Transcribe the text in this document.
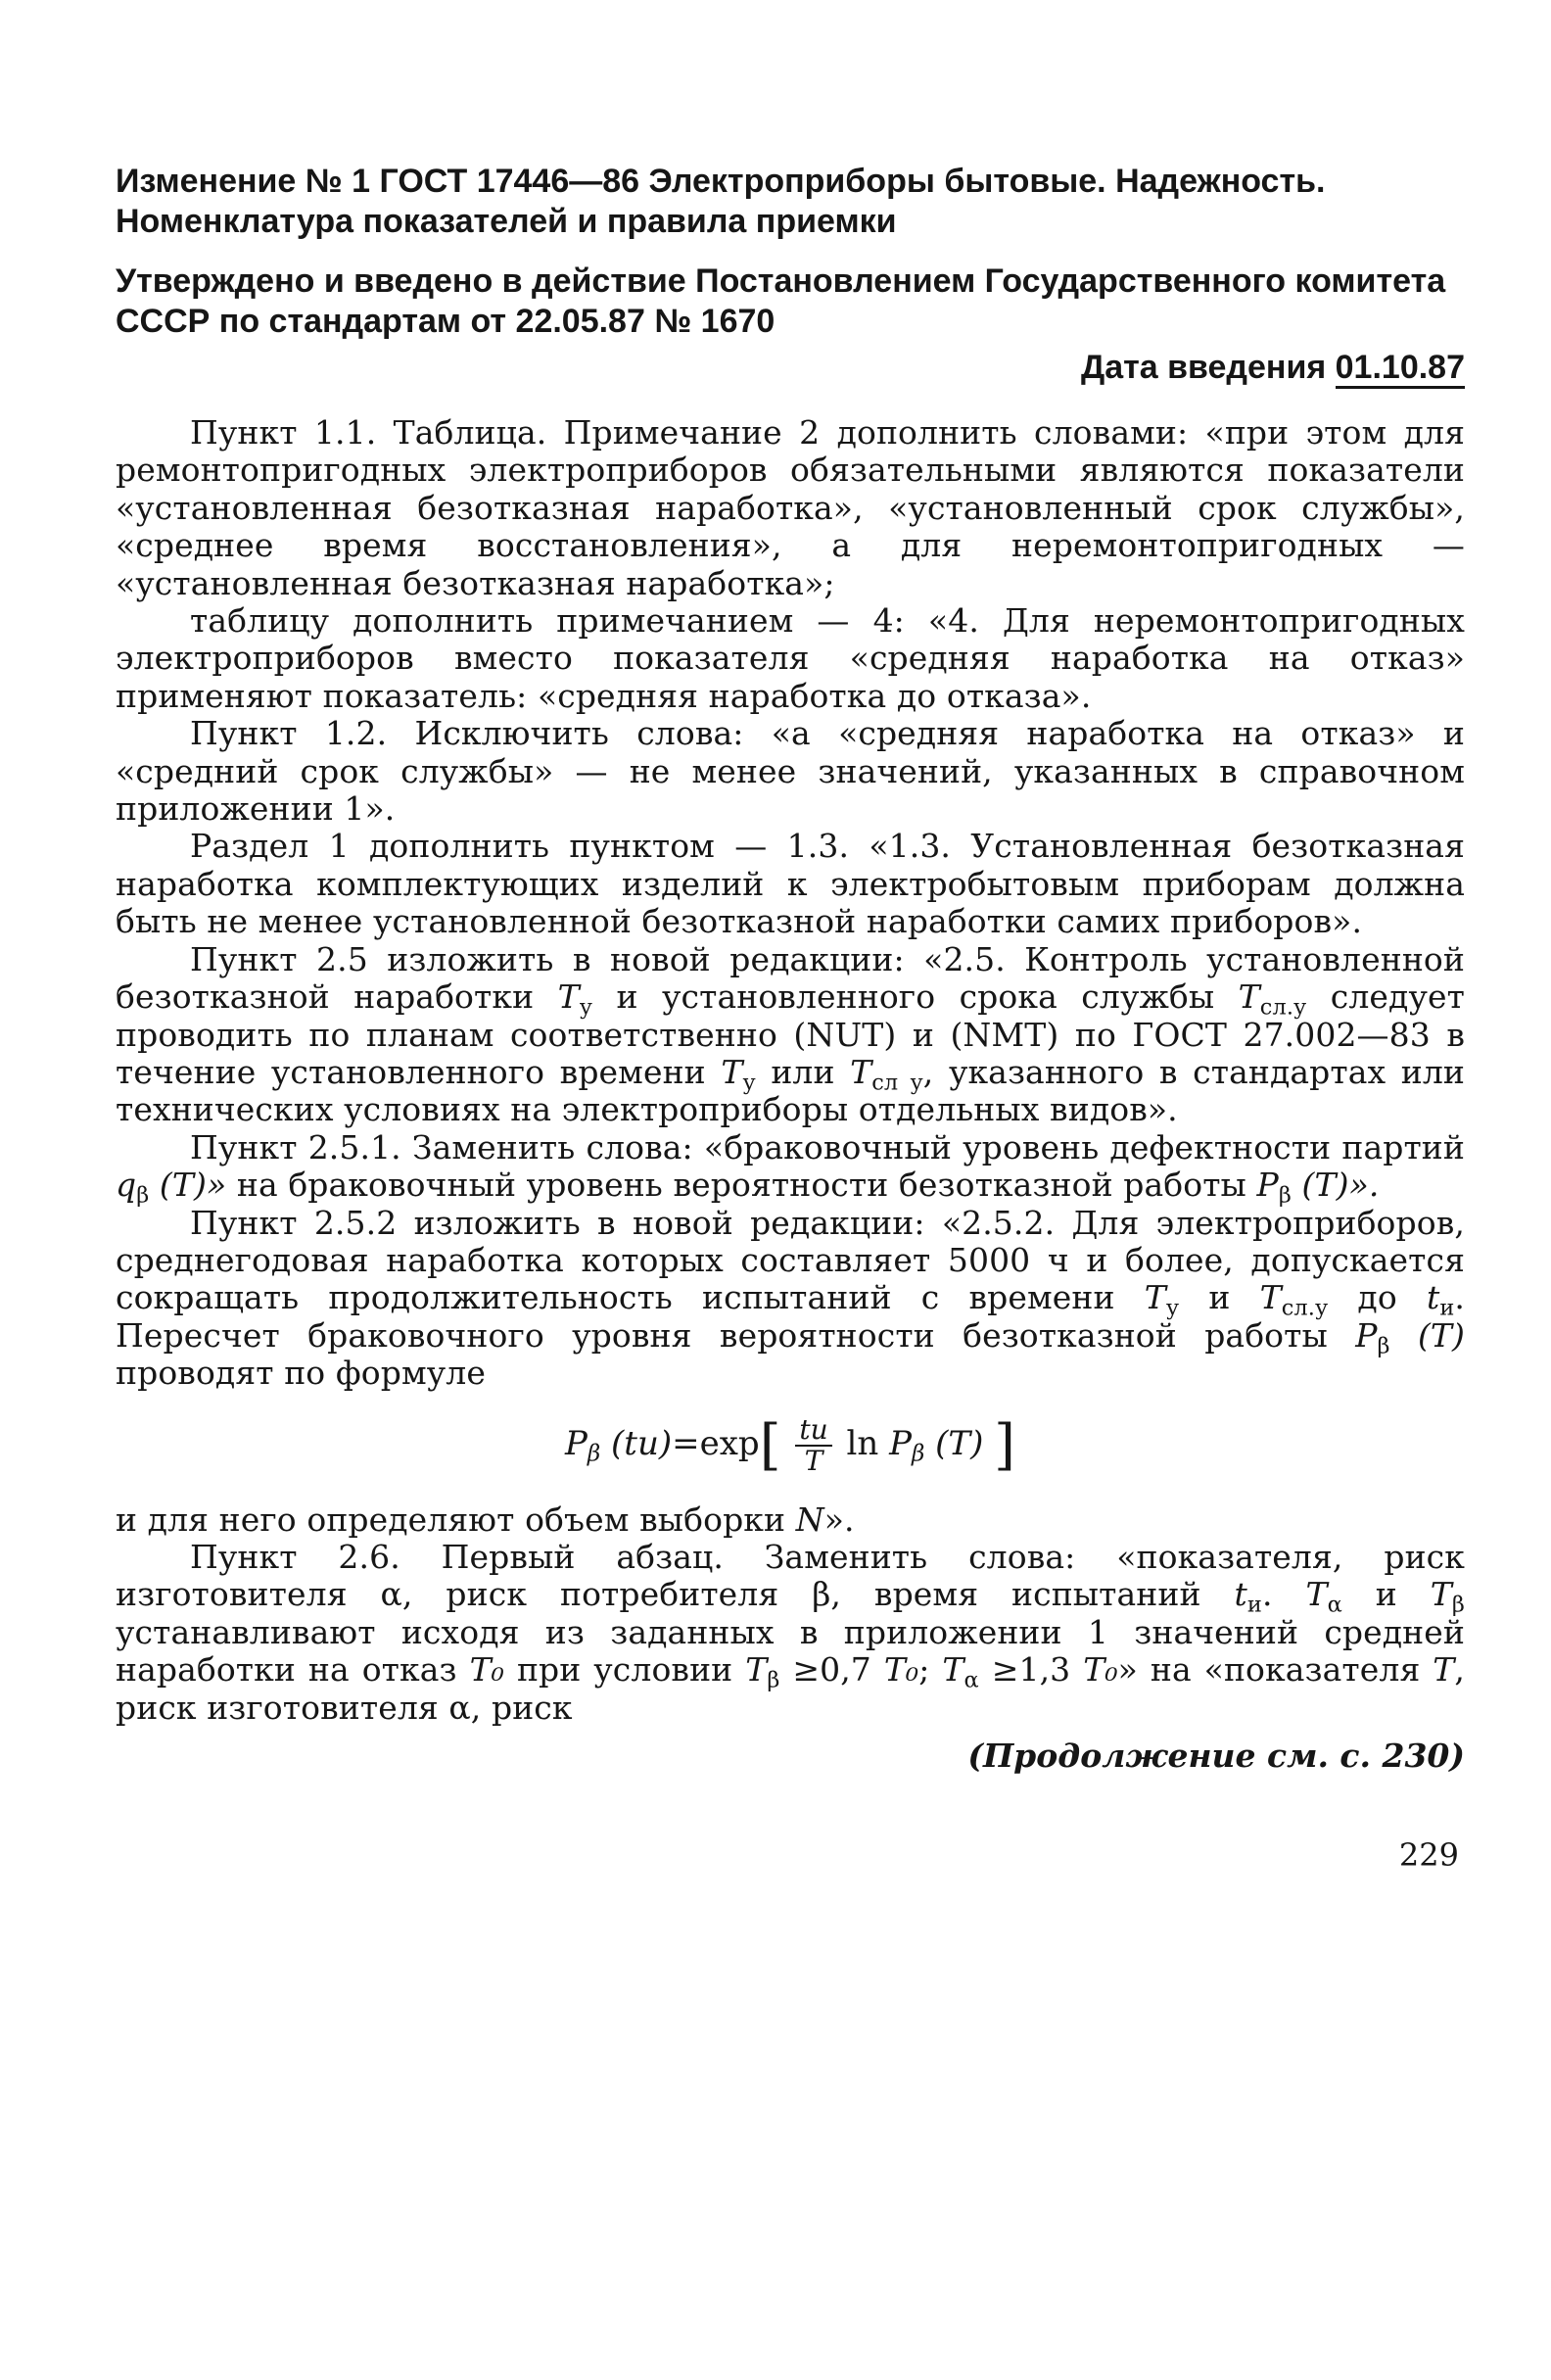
Изменение № 1 ГОСТ 17446—86 Электроприборы бытовые. Надежность. Номенклатура показателей и правила приемки

Утверждено и введено в действие Постановлением Государственного комитета СССР по стандартам от 22.05.87 № 1670

Дата введения 01.10.87

Пункт 1.1. Таблица. Примечание 2 дополнить словами: «при этом для ремонтопригодных электроприборов обязательными являются показатели «установленная безотказная наработка», «установленный срок службы», «среднее время восстановления», а для неремонтопригодных — «установленная безотказная наработка»;

таблицу дополнить примечанием — 4: «4. Для неремонтопригодных электроприборов вместо показателя «средняя наработка на отказ» применяют показатель: «средняя наработка до отказа».

Пункт 1.2. Исключить слова: «а «средняя наработка на отказ» и «средний срок службы» — не менее значений, указанных в справочном приложении 1».

Раздел 1 дополнить пунктом — 1.3. «1.3. Установленная безотказная наработка комплектующих изделий к электробытовым приборам должна быть не менее установленной безотказной наработки самих приборов».

Пункт 2.5 изложить в новой редакции: «2.5. Контроль установленной безотказной наработки $T_у$ и установленного срока службы $T_{сл.у}$ следует проводить по планам соответственно (NUT) и (NMT) по ГОСТ 27.002—83 в течение установленного времени $T_у$ или $T_{сл у}$, указанного в стандартах или технических условиях на электроприборы отдельных видов».

Пункт 2.5.1. Заменить слова: «браковочный уровень дефектности партий $q_\beta$ (T)» на браковочный уровень вероятности безотказной работы $P_\beta$ (T)».

Пункт 2.5.2 изложить в новой редакции: «2.5.2. Для электроприборов, среднегодовая наработка которых составляет 5000 ч и более, допускается сокращать продолжительность испытаний с времени $T_у$ и $T_{сл.у}$ до $t_и$. Пересчет браковочного уровня вероятности безотказной работы $P_\beta$ (T) проводят по формуле

$P_\beta$ $(tи)=\exp[ \frac{tи}{T}$ $\ln P_\beta$ (T) ]

и для него определяют объем выборки N».

Пункт 2.6. Первый абзац. Заменить слова: «показателя, риск изготовителя α, риск потребителя β, время испытаний $t_и$. $T_\alpha$ и $T_\beta$ устанавливают исходя из заданных в приложении 1 значений средней наработки на отказ T₀ при условии $T_\beta \ge 0,7$ T₀; $T_\alpha \ge 1,3$ T₀» на «показателя T, риск изготовителя α, риск

(Продолжение см. с. 230)
229
